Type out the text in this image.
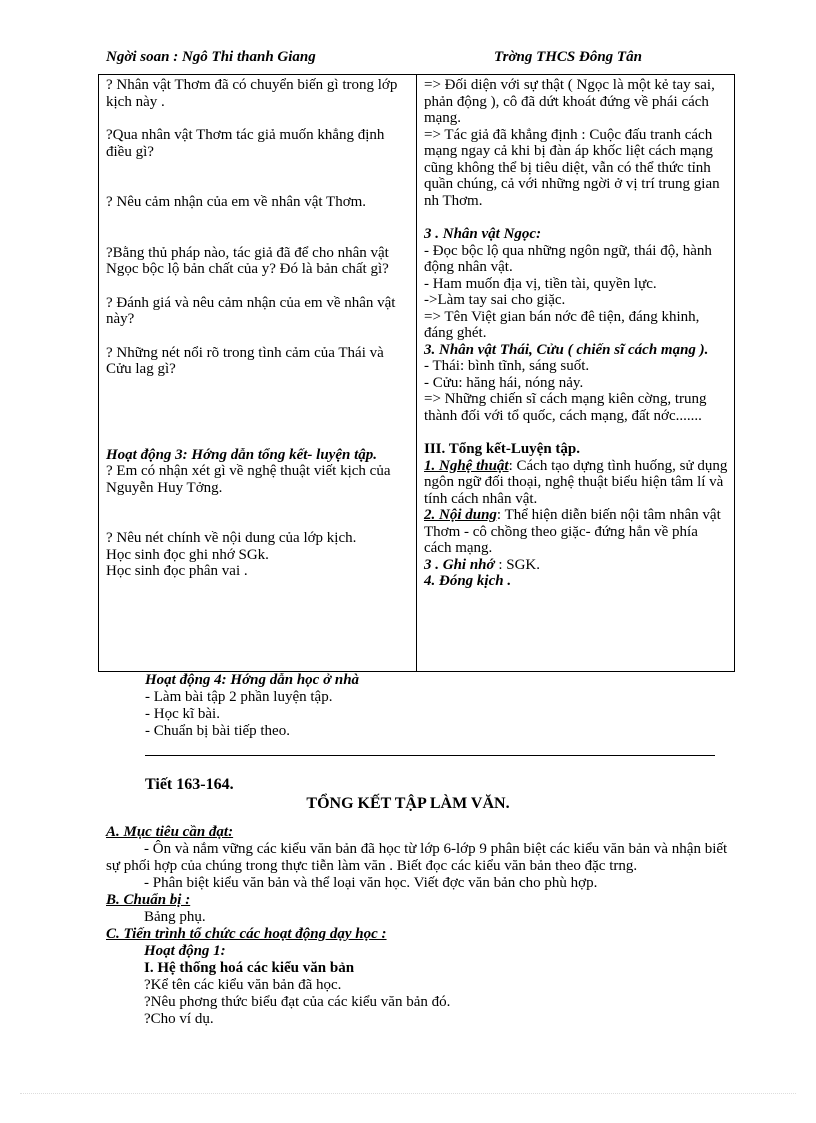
Ngời soan : Ngô Thi thanh Giang	Trờng THCS Đông Tân
? Nhân vật Thơm đã có chuyển biến gì trong lớp kịch này .
?Qua nhân vật Thơm tác giả muốn khẳng định điều gì?
? Nêu cảm nhận của em về nhân vật Thơm.
?Bằng thủ pháp nào, tác giả đã để cho nhân vật Ngọc bộc lộ bản chất của y? Đó là bản chất gì?
? Đánh giá và nêu cảm nhận của em về nhân vật này?
? Những nét nổi rõ trong tình cảm của Thái và Cửu lag gì?
Hoạt động 3: Hớng dẫn tổng kết- luyện tập.
? Em có nhận xét gì về nghệ thuật viết kịch của Nguyễn Huy Tởng.
? Nêu nét chính về nội dung của lớp kịch.
Học sinh đọc ghi nhớ SGk.
Học sinh đọc phân vai .

=> Đối diện với sự thật ( Ngọc là một kẻ tay sai, phản động ), cô đã dứt khoát đứng về phái cách mạng.
=> Tác giả đã khẳng định : Cuộc đấu tranh cách mạng ngay cả khi bị đàn áp khốc liệt cách mạng cũng không thể bị tiêu diệt, vẫn có thể thức tỉnh quần chúng, cả với những ngời ở vị trí trung gian nh Thơm.
3 . Nhân vật Ngọc:
- Đọc bộc lộ qua những ngôn ngữ, thái độ, hành động nhân vật.
- Ham muốn địa vị, tiền tài, quyền lực.
->Làm tay sai cho giặc.
=> Tên Việt gian bán nớc đê tiện, đáng khinh, đáng ghét.
3. Nhân vật Thái, Cửu ( chiến sĩ cách mạng ).
- Thái: bình tĩnh, sáng suốt.
- Cửu: hăng hái, nóng nảy.
=> Những chiến sĩ cách mạng kiên cờng, trung thành đối với tổ quốc, cách mạng, đất nớc.......
III. Tổng kết-Luyện tập.
1. Nghệ thuật: Cách tạo dựng tình huống, sử dụng ngôn ngữ đối thoại, nghệ thuật biểu hiện tâm lí và tính cách nhân vật.
2. Nội dung: Thể hiện diễn biến nội tâm nhân vật Thơm - cô chồng theo giặc- đứng hẳn về phía cách mạng.
3 . Ghi nhớ : SGK.
4. Đóng kịch .
Hoạt động 4: Hớng dẫn học ở nhà
- Làm bài tập 2 phần luyện tập.
- Học kĩ bài.
- Chuẩn bị bài tiếp theo.
Tiết 163-164.
TỔNG KẾT TẬP LÀM VĂN.
A. Mục tiêu cần đạt:
- Ôn và nắm vững các kiểu văn bản đã học từ lớp 6-lớp 9 phân biệt các kiểu văn bản và nhận biết sự phối hợp của chúng trong thực tiễn làm văn . Biết đọc các kiểu văn bản theo đặc trng.
- Phân biệt kiểu văn bản và thể loại văn học. Viết đợc văn bản cho phù hợp.
B. Chuẩn bị :
Bảng phụ.
C. Tiến trình tổ chức các hoạt động dạy học :
Hoạt động 1:
I. Hệ thống hoá các kiểu văn bản
?Kể tên các kiểu văn bản đã học.
?Nêu phơng thức biểu đạt của các kiểu văn bản đó.
?Cho ví dụ.
